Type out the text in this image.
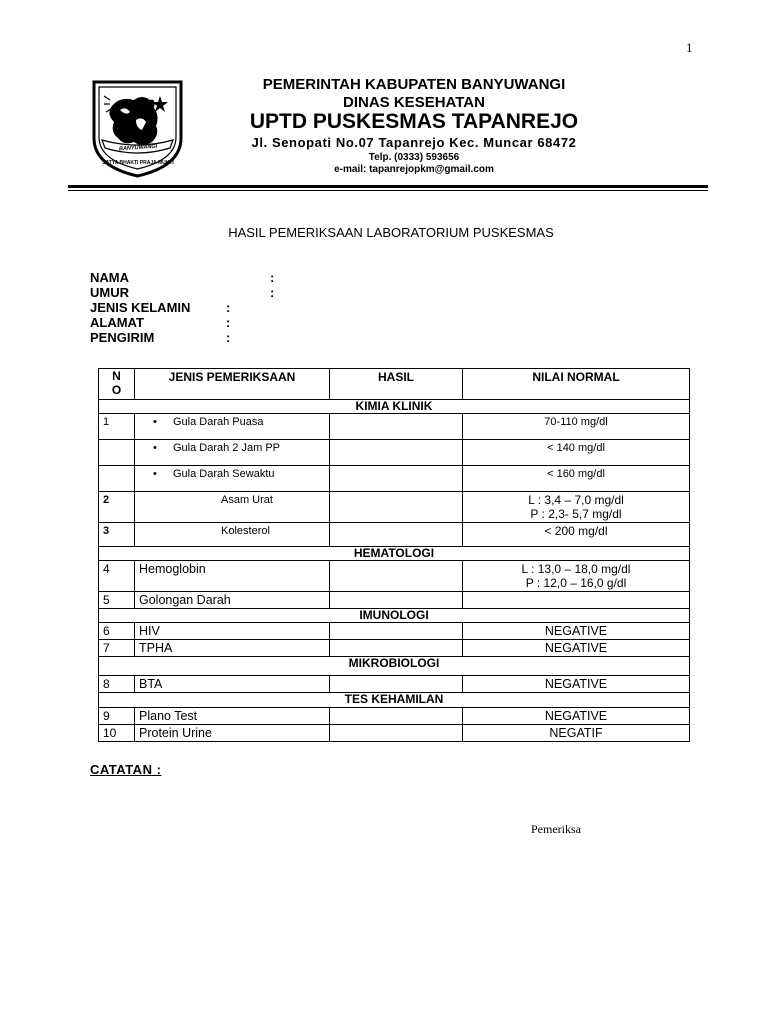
1
BANYUWANGI
SATYA BHAKTI PRAJA MUKTI
PEMERINTAH KABUPATEN BANYUWANGI
DINAS KESEHATAN
UPTD PUSKESMAS TAPANREJO
Jl. Senopati No.07 Tapanrejo Kec. Muncar 68472
Telp. (0333) 593656
e-mail: tapanrejopkm@gmail.com
HASIL PEMERIKSAAN LABORATORIUM PUSKESMAS
NAMA	:
UMUR	:
JENIS KELAMIN	:
ALAMAT	:
PENGIRIM	:
N O	JENIS PEMERIKSAAN	HASIL	NILAI NORMAL
KIMIA KLINIK			
1	• Gula Darah Puasa		70-110 mg/dl
	• Gula Darah 2 Jam PP		< 140 mg/dl
	• Gula Darah Sewaktu		< 160 mg/dl
2	Asam Urat		L : 3,4 – 7,0 mg/dl
P : 2,3- 5,7 mg/dl

3	Kolesterol		< 200 mg/dl
HEMATOLOGI			
4	Hemoglobin		L : 13,0 – 18,0 mg/dl
P : 12,0 – 16,0 g/dl

5	Golongan Darah		
IMUNOLOGI			
6	HIV		NEGATIVE
7	TPHA		NEGATIVE
MIKROBIOLOGI			
8	BTA		NEGATIVE
TES KEHAMILAN			
9	Plano Test		NEGATIVE
10	Protein Urine		NEGATIF
CATATAN :
Pemeriksa
